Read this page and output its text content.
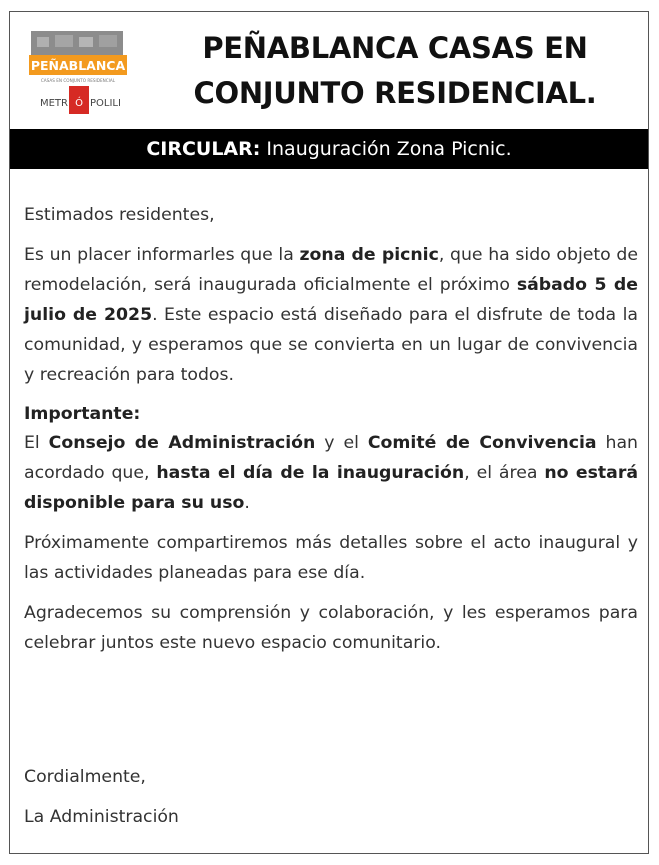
PEÑABLANCA
CASAS EN CONJUNTO RESIDENCIAL
METR Ó POLILI
PEÑABLANCA CASAS EN
CONJUNTO RESIDENCIAL.
CIRCULAR: Inauguración Zona Picnic.

Estimados residentes,

Es un placer informarles que la zona de picnic, que ha sido objeto de remodelación, será inaugurada oficialmente el próximo sábado 5 de julio de 2025. Este espacio está diseñado para el disfrute de toda la comunidad, y esperamos que se convierta en un lugar de convivencia y recreación para todos.

Importante:
El Consejo de Administración y el Comité de Convivencia han acordado que, hasta el día de la inauguración, el área no estará disponible para su uso.

Próximamente compartiremos más detalles sobre el acto inaugural y las actividades planeadas para ese día.

Agradecemos su comprensión y colaboración, y les esperamos para celebrar juntos este nuevo espacio comunitario.

Cordialmente,
La Administración
